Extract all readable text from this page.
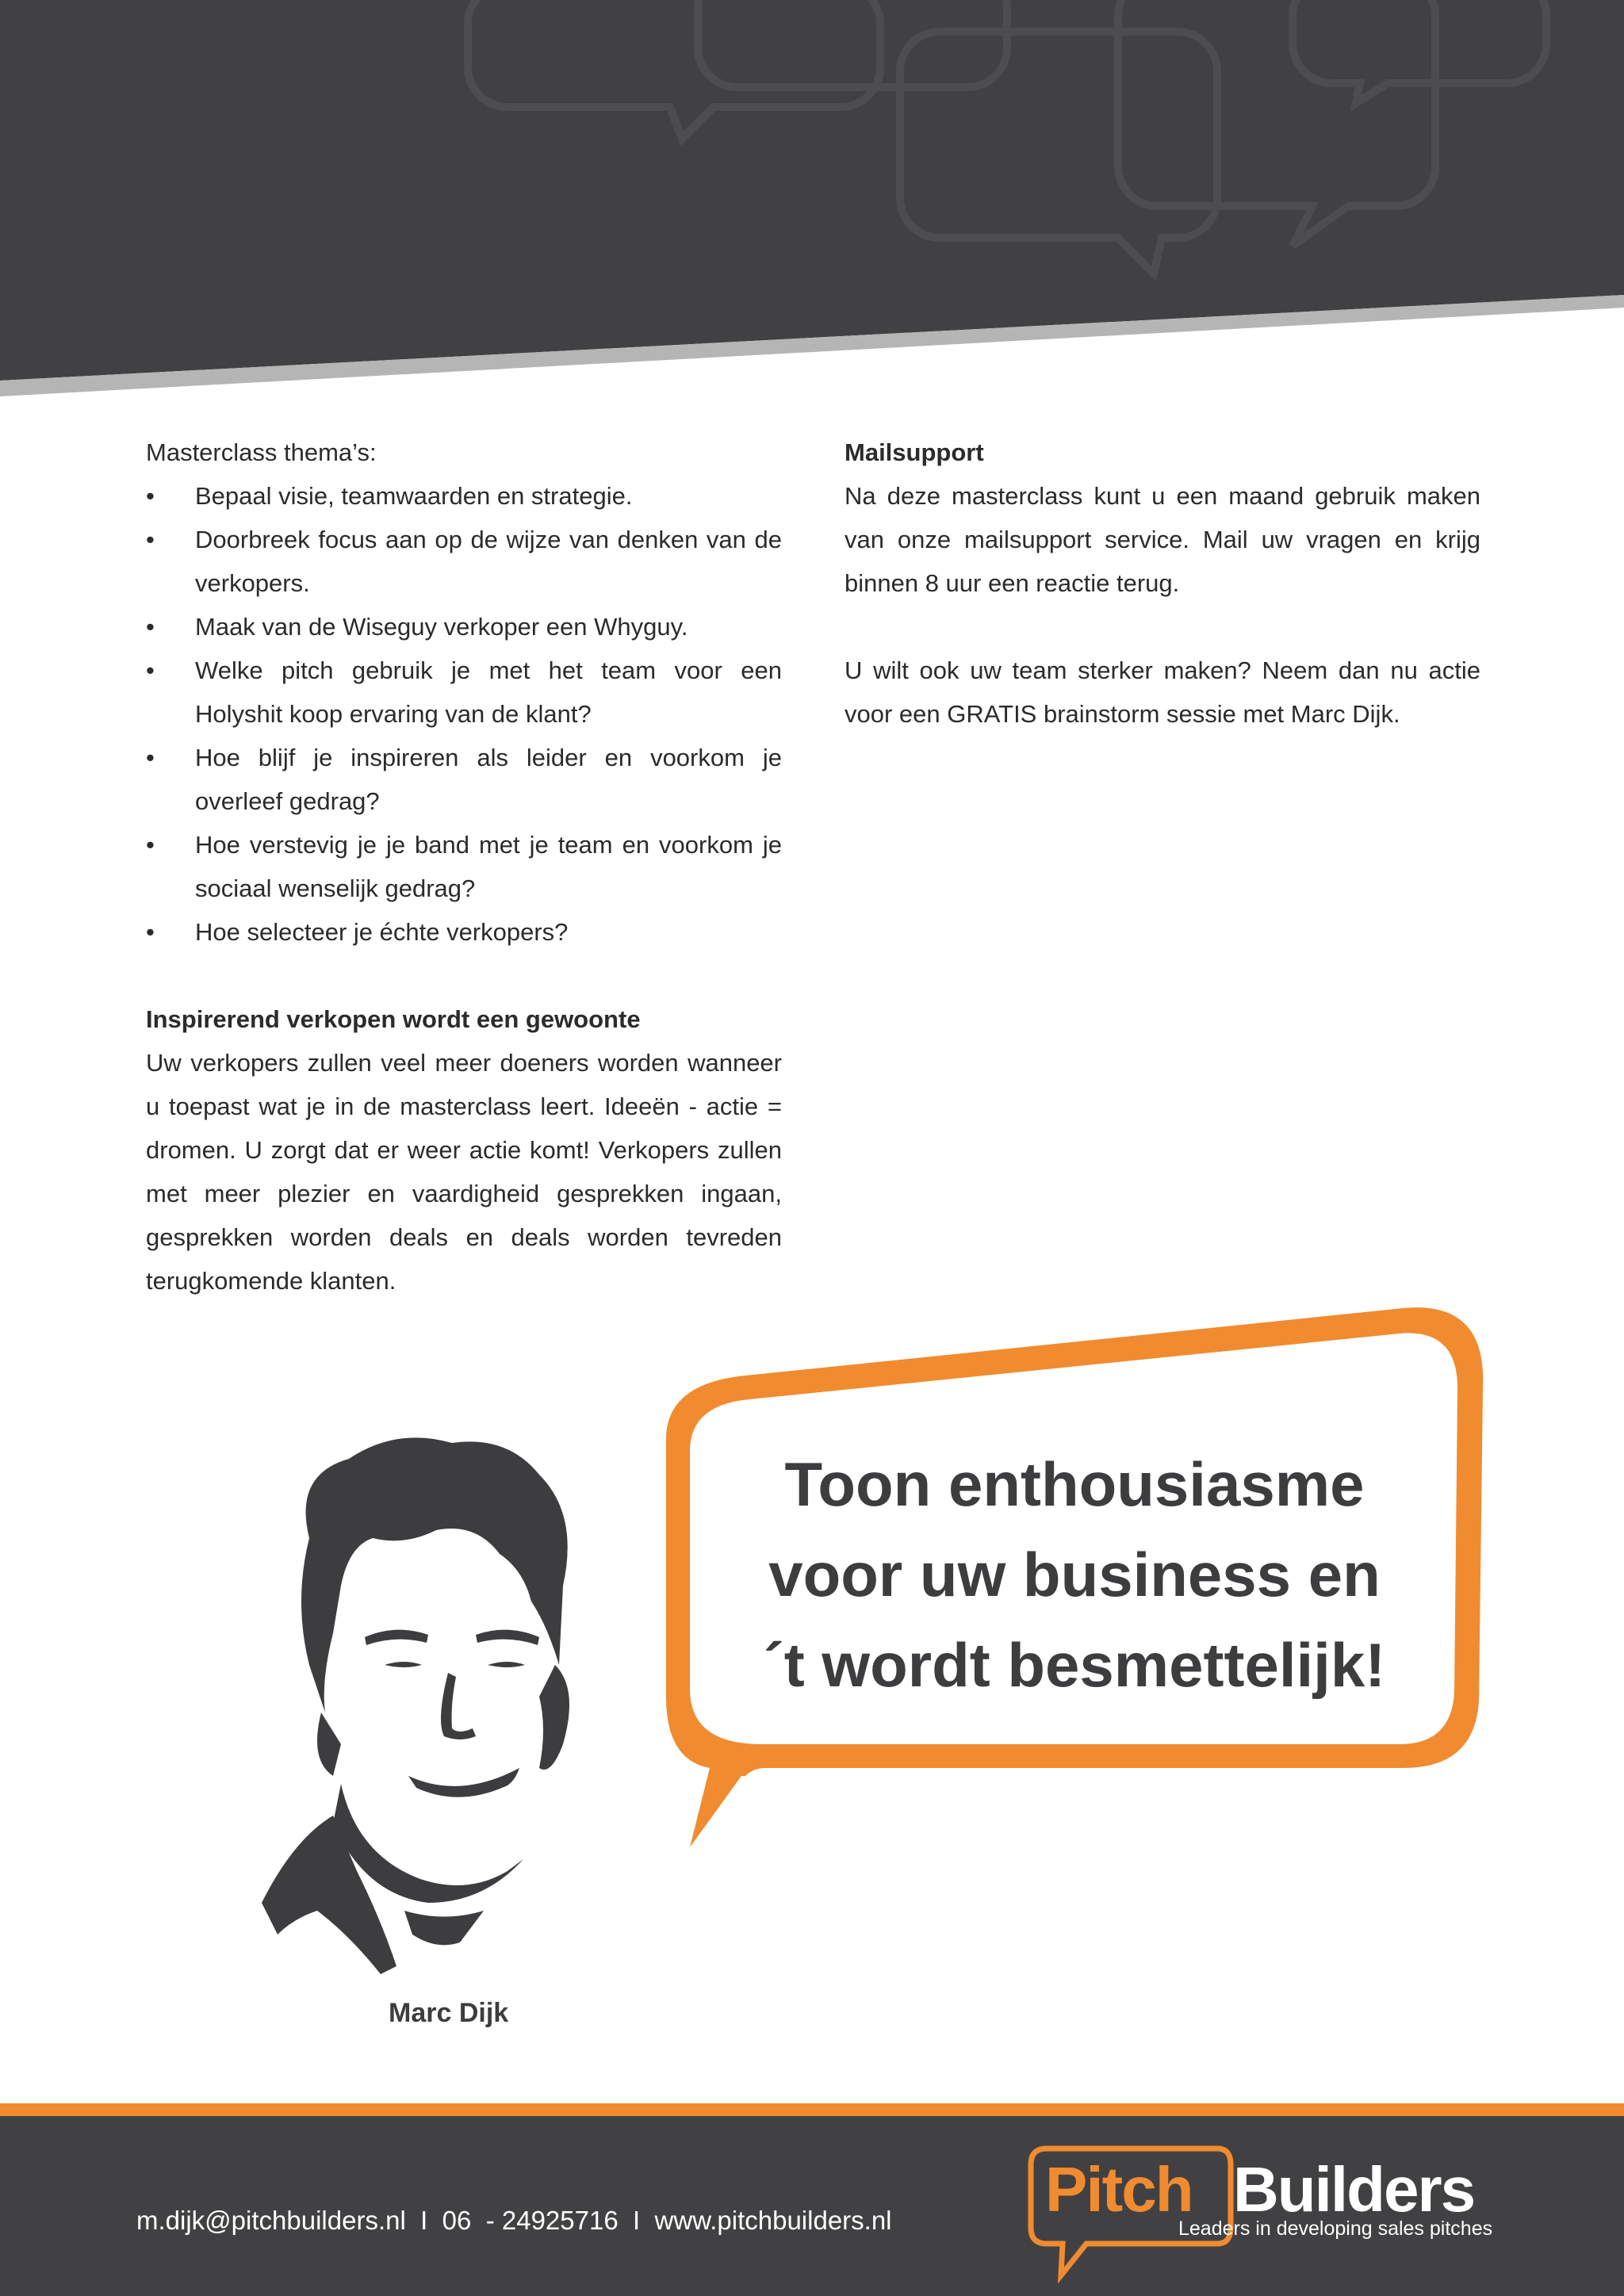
Masterclass thema’s:
• Bepaal visie, teamwaarden en strategie.
• Doorbreek focus aan op de wijze van denken van de verkopers.
• Maak van de Wiseguy verkoper een Whyguy.
• Welke pitch gebruik je met het team voor een Holyshit koop ervaring van de klant?
• Hoe blijf je inspireren als leider en voorkom je overleef gedrag?
• Hoe verstevig je je band met je team en voorkom je sociaal wenselijk gedrag?
• Hoe selecteer je échte verkopers?
Inspirerend verkopen wordt een gewoonte
Uw verkopers zullen veel meer doeners worden wanneer u toepast wat je in de masterclass leert. Ideeën - actie = dromen. U zorgt dat er weer actie komt! Verkopers zullen met meer plezier en vaardigheid gesprekken ingaan, gesprekken worden deals en deals worden tevreden terugkomende klanten.
Mailsupport
Na deze masterclass kunt u een maand gebruik maken van onze mailsupport service. Mail uw vragen en krijg binnen 8 uur een reactie terug.
U wilt ook uw team sterker maken? Neem dan nu actie voor een GRATIS brainstorm sessie met Marc Dijk.
Toon enthousiasme
voor uw business en
´t wordt besmettelijk!
Marc Dijk
m.dijk@pitchbuilders.nl I 06  - 24925716 I www.pitchbuilders.nl Pitch Builders
Leaders in developing sales pitches
